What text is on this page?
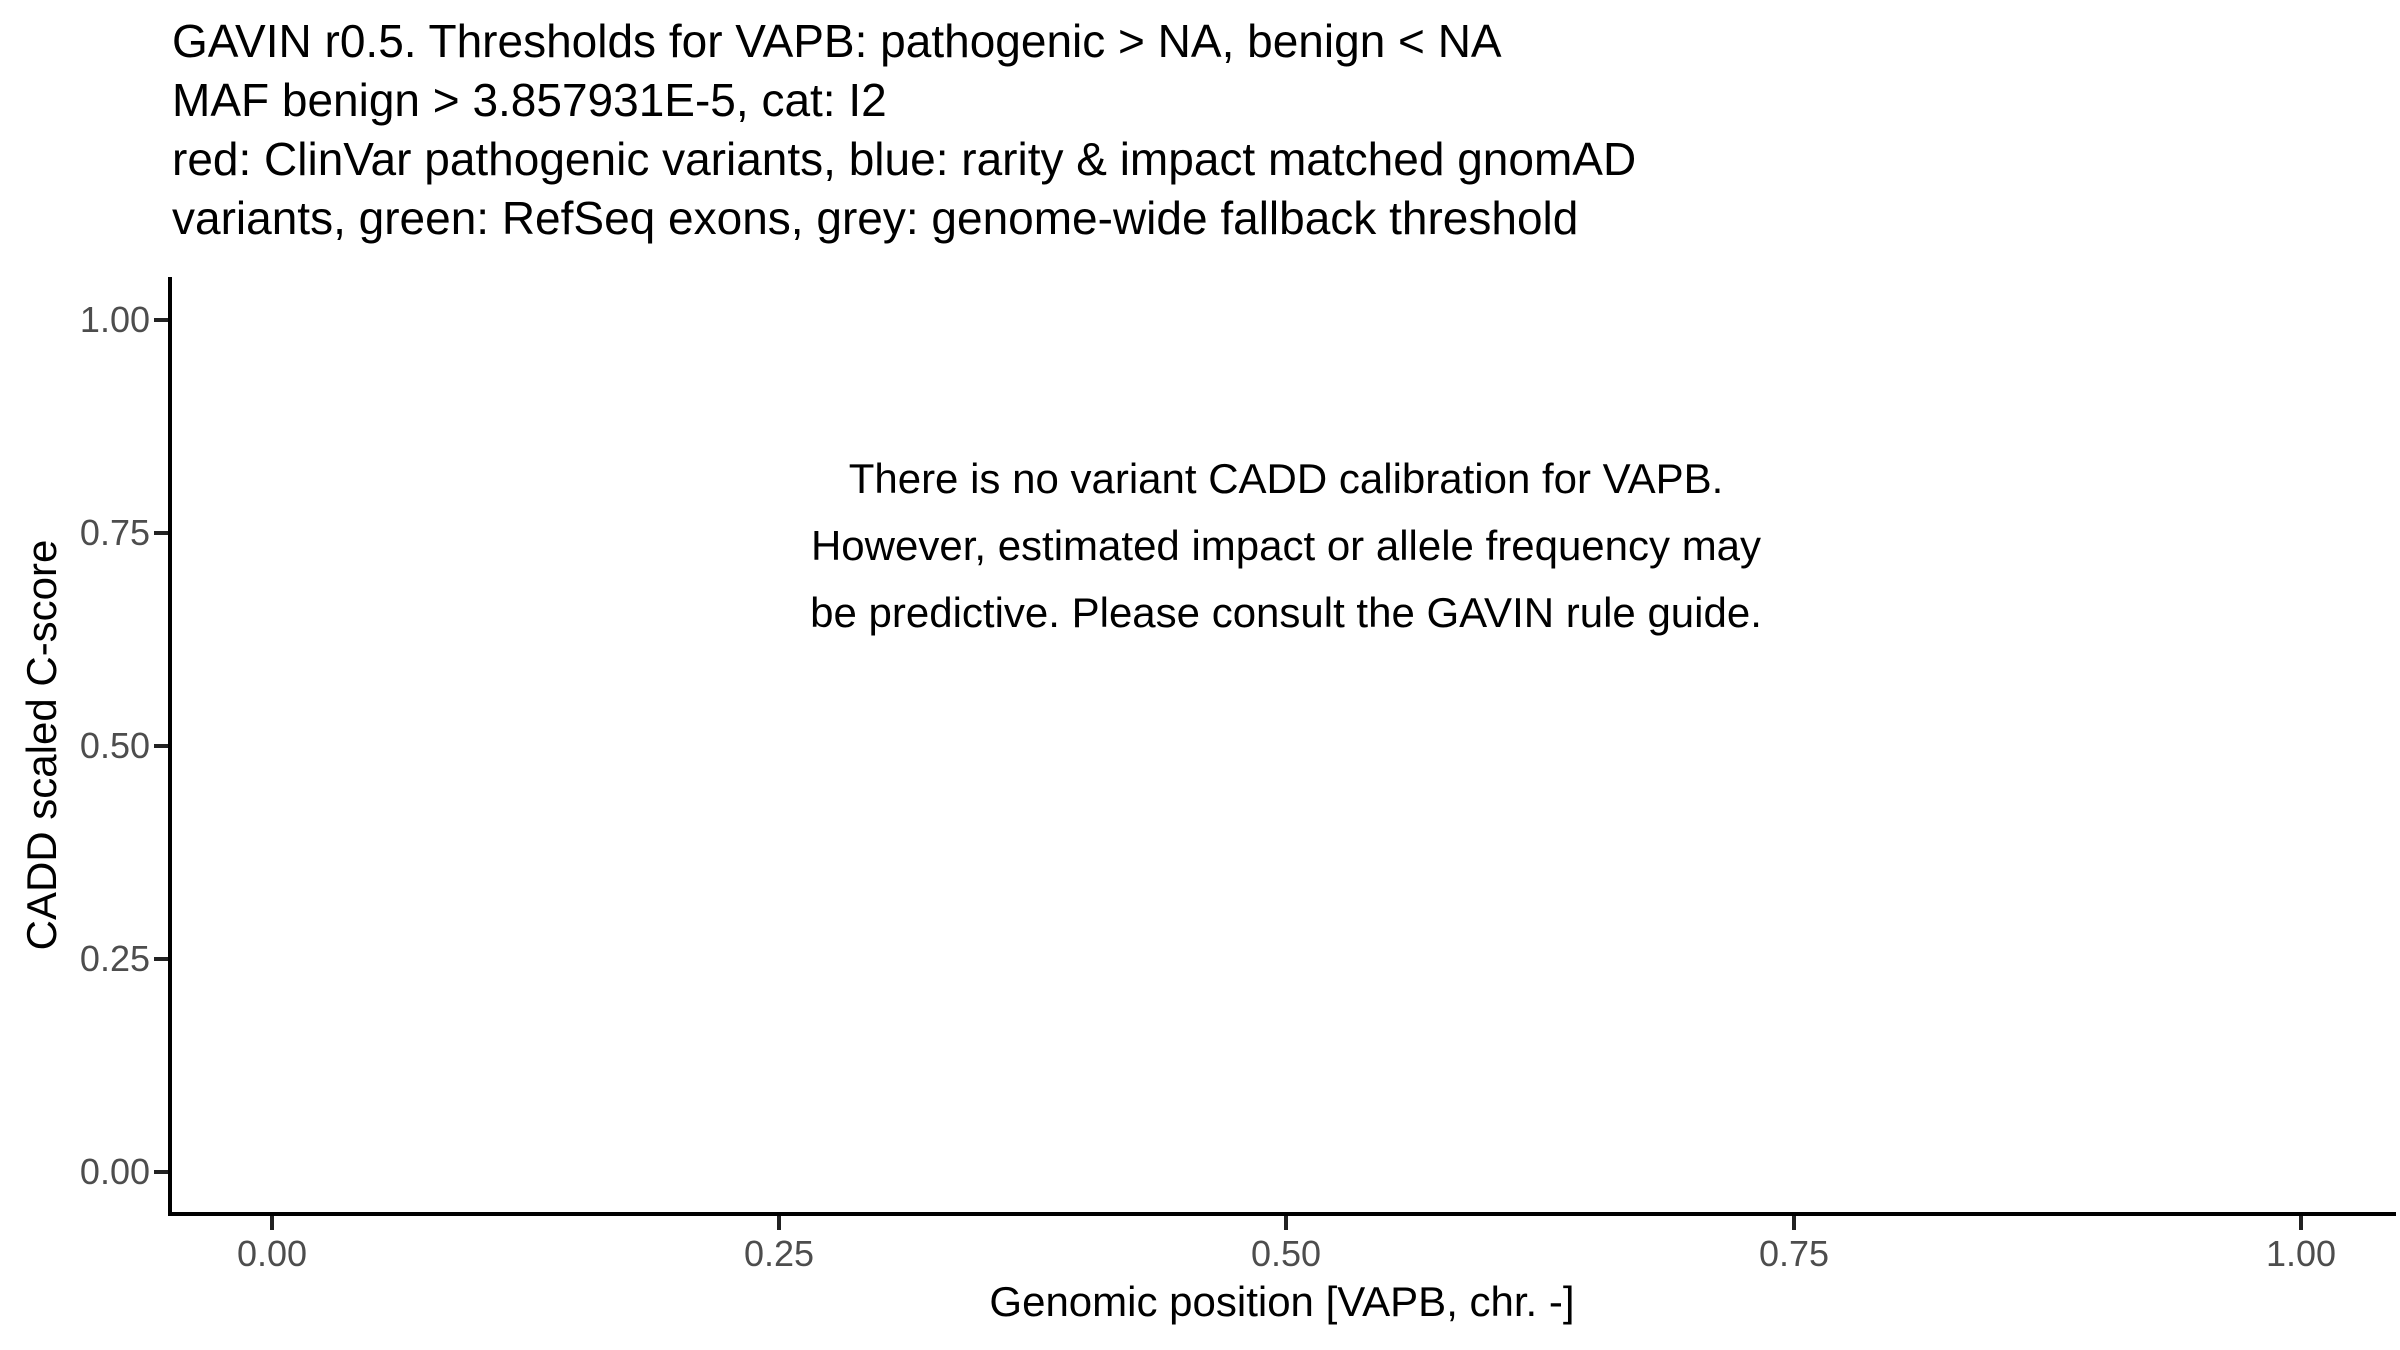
GAVIN r0.5. Thresholds for VAPB: pathogenic > NA, benign < NA
MAF benign > 3.857931E-5, cat: I2
red: ClinVar pathogenic variants, blue: rarity & impact matched gnomAD
variants, green: RefSeq exons, grey: genome-wide fallback threshold
1.00
0.75
0.50
0.25
0.00
0.00	0.25	0.50	0.75	1.00
Genomic position [VAPB, chr. -]
CADD scaled C-score
There is no variant CADD calibration for VAPB.
However, estimated impact or allele frequency may
be predictive. Please consult the GAVIN rule guide.
